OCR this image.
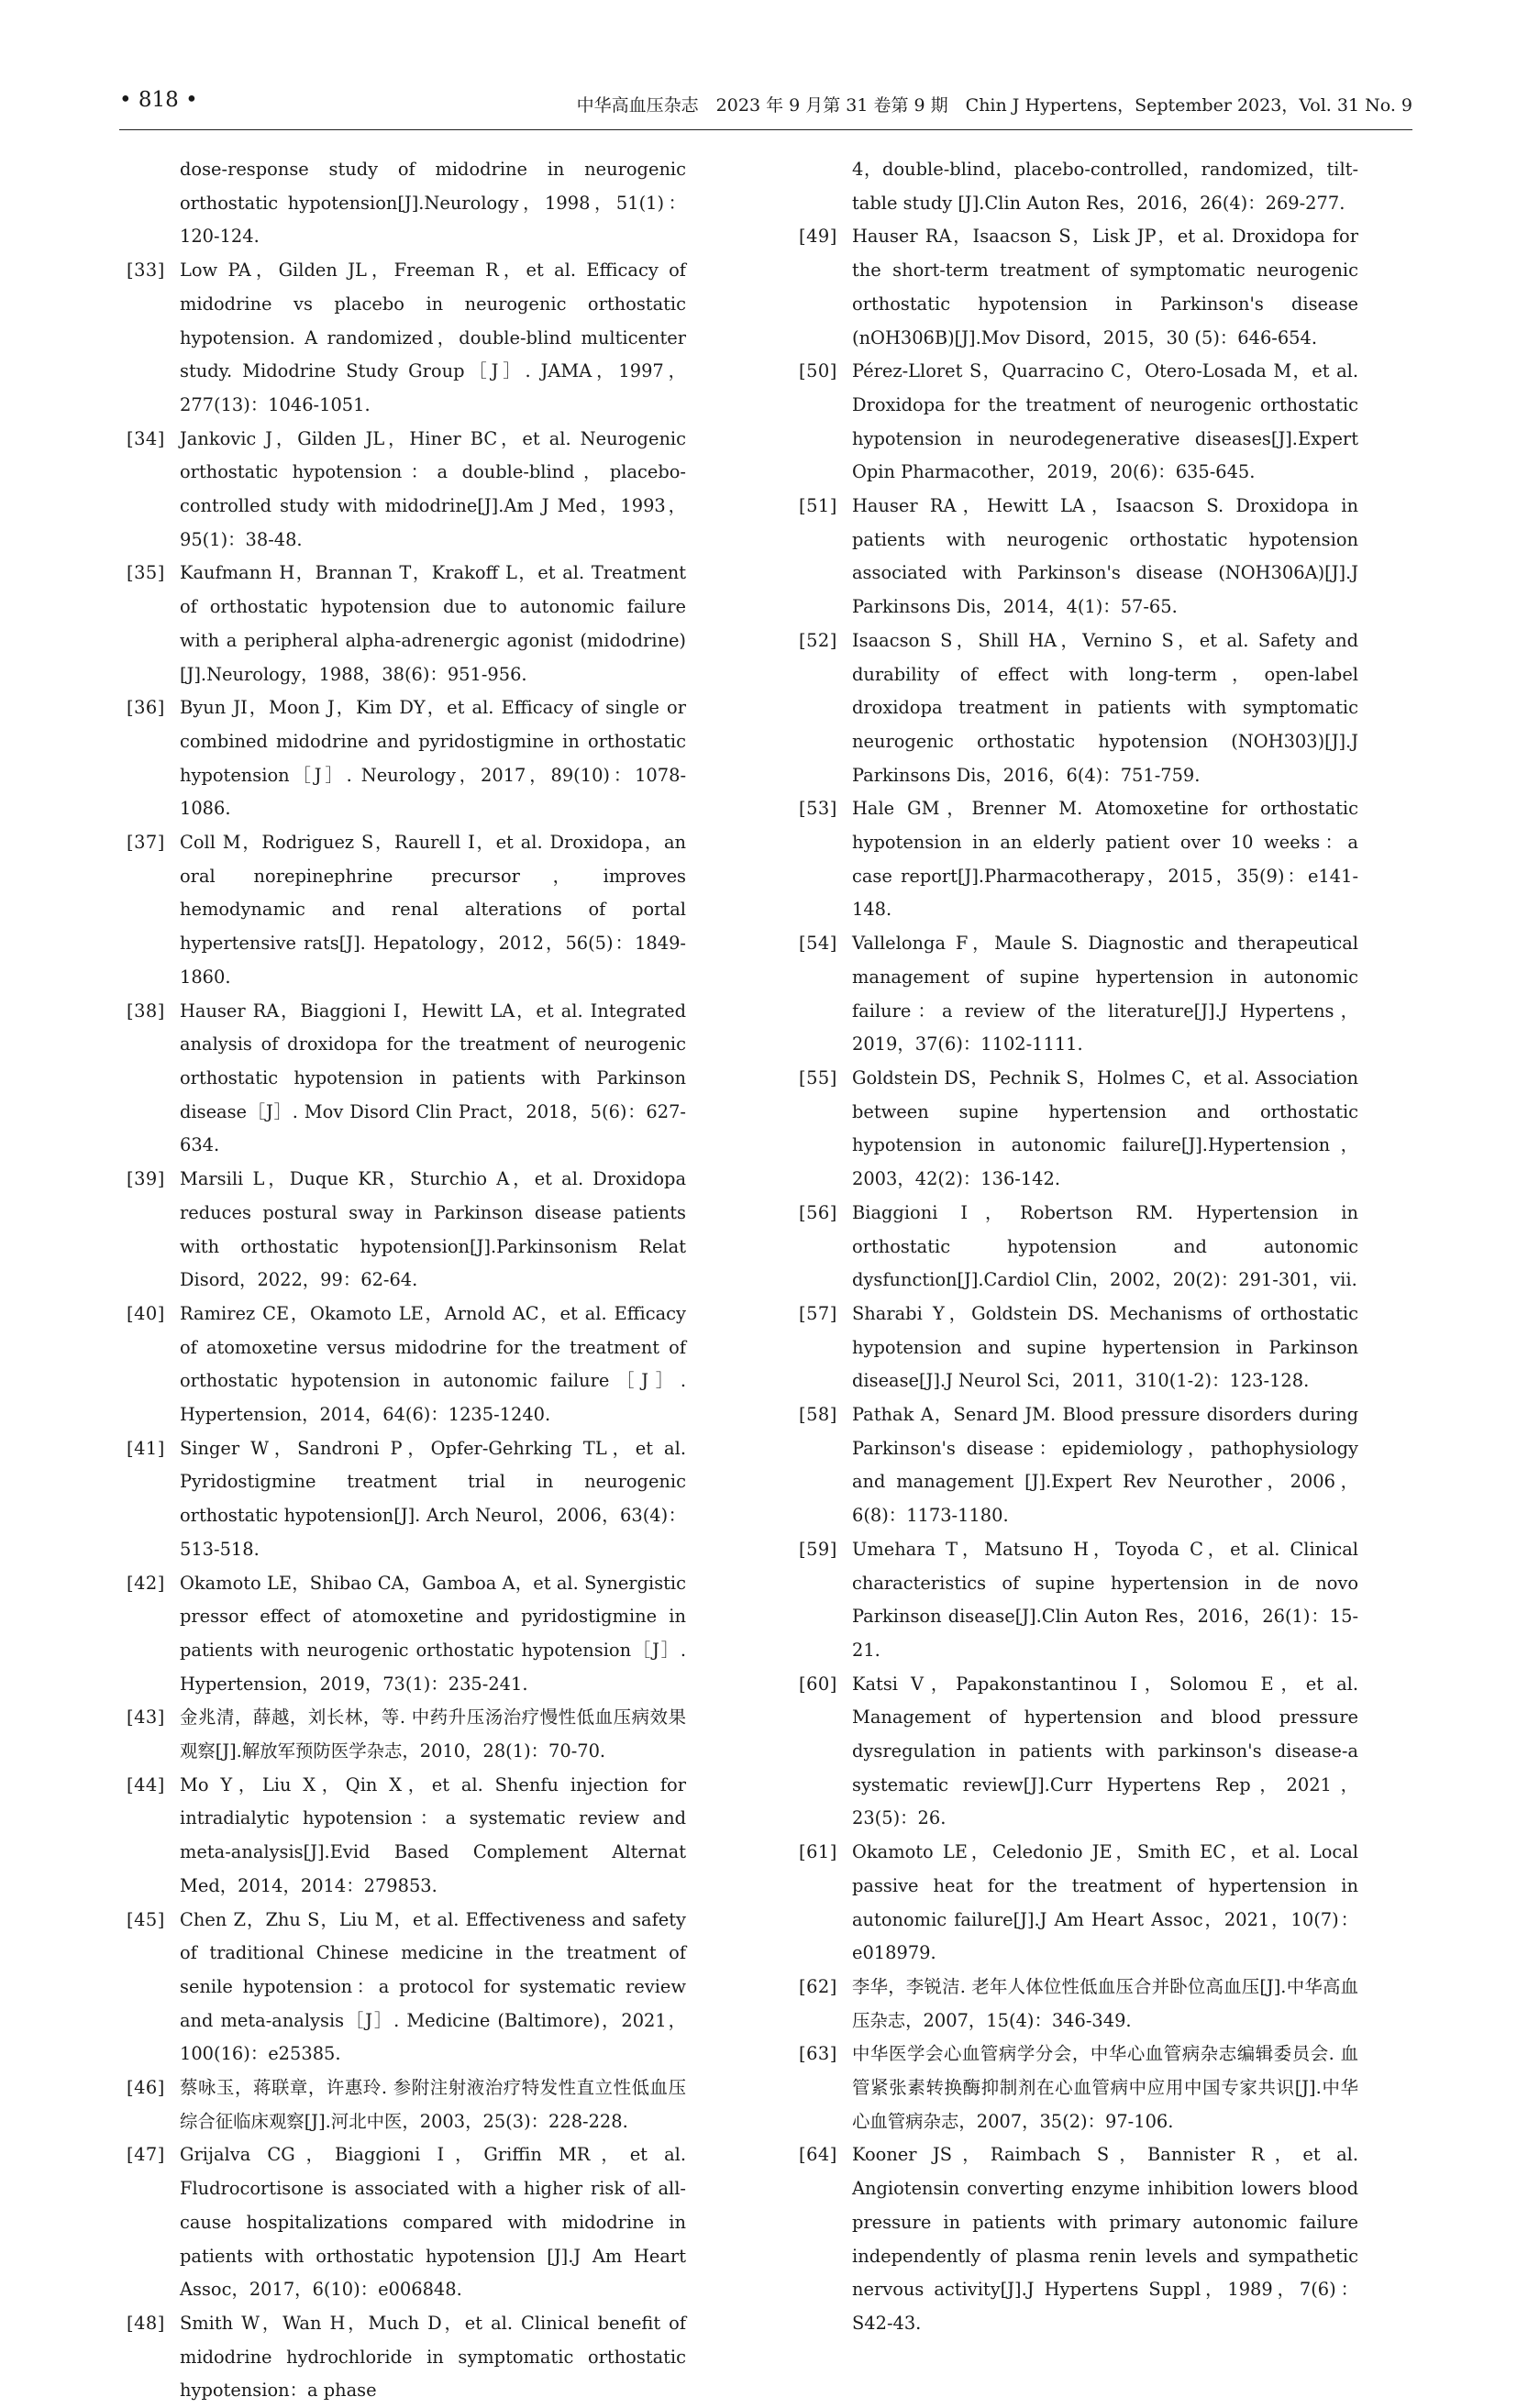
• 818 •	中华高血压杂志　2023 年 9 月第 31 卷第 9 期　Chin J Hypertens，September 2023，Vol. 31 No. 9
dose-response study of midodrine in neurogenic orthostatic hypotension[J].Neurology，1998，51(1)：120-124.
[33] Low PA，Gilden JL，Freeman R，et al. Efficacy of midodrine vs placebo in neurogenic orthostatic hypotension. A randomized，double-blind multicenter study. Midodrine Study Group［J］. JAMA，1997，277(13)：1046-1051.
[34] Jankovic J，Gilden JL，Hiner BC，et al. Neurogenic orthostatic hypotension：a double-blind，placebo-controlled study with midodrine[J].Am J Med，1993，95(1)：38-48.
[35] Kaufmann H，Brannan T，Krakoff L，et al. Treatment of orthostatic hypotension due to autonomic failure with a peripheral alpha-adrenergic agonist (midodrine)[J].Neurology，1988，38(6)：951-956.
[36] Byun JI，Moon J，Kim DY，et al. Efficacy of single or combined midodrine and pyridostigmine in orthostatic hypotension［J］. Neurology，2017，89(10)：1078-1086.
[37] Coll M，Rodriguez S，Raurell I，et al. Droxidopa，an oral norepinephrine precursor，improves hemodynamic and renal alterations of portal hypertensive rats[J]. Hepatology，2012，56(5)：1849-1860.
[38] Hauser RA，Biaggioni I，Hewitt LA，et al. Integrated analysis of droxidopa for the treatment of neurogenic orthostatic hypotension in patients with Parkinson disease［J］. Mov Disord Clin Pract，2018，5(6)：627-634.
[39] Marsili L，Duque KR，Sturchio A，et al. Droxidopa reduces postural sway in Parkinson disease patients with orthostatic hypotension[J].Parkinsonism Relat Disord，2022，99：62-64.
[40] Ramirez CE，Okamoto LE，Arnold AC，et al. Efficacy of atomoxetine versus midodrine for the treatment of orthostatic hypotension in autonomic failure［J］. Hypertension，2014，64(6)：1235-1240.
[41] Singer W，Sandroni P，Opfer-Gehrking TL，et al. Pyridostigmine treatment trial in neurogenic orthostatic hypotension[J]. Arch Neurol，2006，63(4)：513-518.
[42] Okamoto LE，Shibao CA，Gamboa A，et al. Synergistic pressor effect of atomoxetine and pyridostigmine in patients with neurogenic orthostatic hypotension［J］. Hypertension，2019，73(1)：235-241.
[43] 金兆清，薛越，刘长林，等. 中药升压汤治疗慢性低血压病效果观察[J].解放军预防医学杂志，2010，28(1)：70-70.
[44] Mo Y，Liu X，Qin X，et al. Shenfu injection for intradialytic hypotension：a systematic review and meta-analysis[J].Evid Based Complement Alternat Med，2014，2014：279853.
[45] Chen Z，Zhu S，Liu M，et al. Effectiveness and safety of traditional Chinese medicine in the treatment of senile hypotension：a protocol for systematic review and meta-analysis［J］. Medicine (Baltimore)，2021，100(16)：e25385.
[46] 蔡咏玉，蒋联章，许惠玲. 参附注射液治疗特发性直立性低血压综合征临床观察[J].河北中医，2003，25(3)：228-228.
[47] Grijalva CG，Biaggioni I，Griffin MR，et al. Fludrocortisone is associated with a higher risk of all-cause hospitalizations compared with midodrine in patients with orthostatic hypotension [J].J Am Heart Assoc，2017，6(10)：e006848.
[48] Smith W，Wan H，Much D，et al. Clinical benefit of midodrine hydrochloride in symptomatic orthostatic hypotension：a phase
4，double-blind，placebo-controlled，randomized，tilt-table study [J].Clin Auton Res，2016，26(4)：269-277.
[49] Hauser RA，Isaacson S，Lisk JP，et al. Droxidopa for the short-term treatment of symptomatic neurogenic orthostatic hypotension in Parkinson's disease (nOH306B)[J].Mov Disord，2015，30 (5)：646-654.
[50] Pérez-Lloret S，Quarracino C，Otero-Losada M，et al. Droxidopa for the treatment of neurogenic orthostatic hypotension in neurodegenerative diseases[J].Expert Opin Pharmacother，2019，20(6)：635-645.
[51] Hauser RA，Hewitt LA，Isaacson S. Droxidopa in patients with neurogenic orthostatic hypotension associated with Parkinson's disease (NOH306A)[J].J Parkinsons Dis，2014，4(1)：57-65.
[52] Isaacson S，Shill HA，Vernino S，et al. Safety and durability of effect with long-term，open-label droxidopa treatment in patients with symptomatic neurogenic orthostatic hypotension (NOH303)[J].J Parkinsons Dis，2016，6(4)：751-759.
[53] Hale GM，Brenner M. Atomoxetine for orthostatic hypotension in an elderly patient over 10 weeks：a case report[J].Pharmacotherapy，2015，35(9)：e141-148.
[54] Vallelonga F，Maule S. Diagnostic and therapeutical management of supine hypertension in autonomic failure：a review of the literature[J].J Hypertens，2019，37(6)：1102-1111.
[55] Goldstein DS，Pechnik S，Holmes C，et al. Association between supine hypertension and orthostatic hypotension in autonomic failure[J].Hypertension，2003，42(2)：136-142.
[56] Biaggioni I，Robertson RM. Hypertension in orthostatic hypotension and autonomic dysfunction[J].Cardiol Clin，2002，20(2)：291-301，vii.
[57] Sharabi Y，Goldstein DS. Mechanisms of orthostatic hypotension and supine hypertension in Parkinson disease[J].J Neurol Sci，2011，310(1-2)：123-128.
[58] Pathak A，Senard JM. Blood pressure disorders during Parkinson's disease：epidemiology，pathophysiology and management [J].Expert Rev Neurother，2006，6(8)：1173-1180.
[59] Umehara T，Matsuno H，Toyoda C，et al. Clinical characteristics of supine hypertension in de novo Parkinson disease[J].Clin Auton Res，2016，26(1)：15-21.
[60] Katsi V，Papakonstantinou I，Solomou E，et al. Management of hypertension and blood pressure dysregulation in patients with parkinson's disease-a systematic review[J].Curr Hypertens Rep，2021，23(5)：26.
[61] Okamoto LE，Celedonio JE，Smith EC，et al. Local passive heat for the treatment of hypertension in autonomic failure[J].J Am Heart Assoc，2021，10(7)：e018979.
[62] 李华，李锐洁. 老年人体位性低血压合并卧位高血压[J].中华高血压杂志，2007，15(4)：346-349.
[63] 中华医学会心血管病学分会，中华心血管病杂志编辑委员会. 血管紧张素转换酶抑制剂在心血管病中应用中国专家共识[J].中华心血管病杂志，2007，35(2)：97-106.
[64] Kooner JS，Raimbach S，Bannister R，et al. Angiotensin converting enzyme inhibition lowers blood pressure in patients with primary autonomic failure independently of plasma renin levels and sympathetic nervous activity[J].J Hypertens Suppl，1989，7(6)：S42-43.
